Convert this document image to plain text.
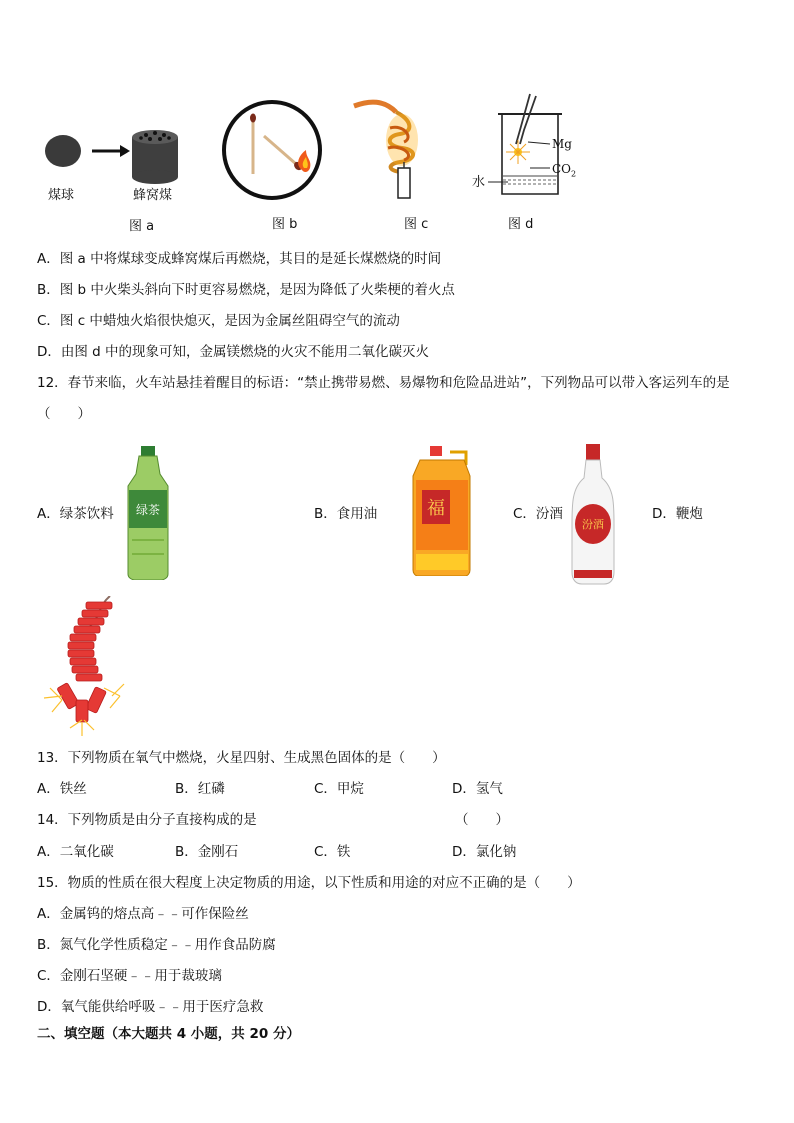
煤球	蜂窝煤
图 a	图 b	图 c
Mg
$CO_2$
水
图 d
A．图 a 中将煤球变成蜂窝煤后再燃烧，其目的是延长煤燃烧的时间
B．图 b 中火柴头斜向下时更容易燃烧，是因为降低了火柴梗的着火点
C．图 c 中蜡烛火焰很快熄灭，是因为金属丝阻碍空气的流动
D．由图 d 中的现象可知，金属镁燃烧的火灾不能用二氧化碳灭火
12．春节来临，火车站悬挂着醒目的标语：“禁止携带易燃、易爆物和危险品进站”，下列物品可以带入客运列车的是
（　　）
A．绿茶饮料 绿茶	B．食用油	福	C．汾酒
汾酒
D．鞭炮
13．下列物质在氧气中燃烧，火星四射、生成黑色固体的是（　　）
A．铁丝	B．红磷	C．甲烷	D．氢气
14．下列物质是由分子直接构成的是	（　　）
A．二氧化碳	B．金刚石	C．铁	D．氯化钠
15．物质的性质在很大程度上决定物质的用途，以下性质和用途的对应不正确的是（　　）
A．金属钨的熔点高﹣﹣可作保险丝
B．氮气化学性质稳定﹣﹣用作食品防腐
C．金刚石坚硬﹣﹣用于裁玻璃
D．氧气能供给呼吸﹣﹣用于医疗急救
二、填空题（本大题共 4 小题，共 20 分）
